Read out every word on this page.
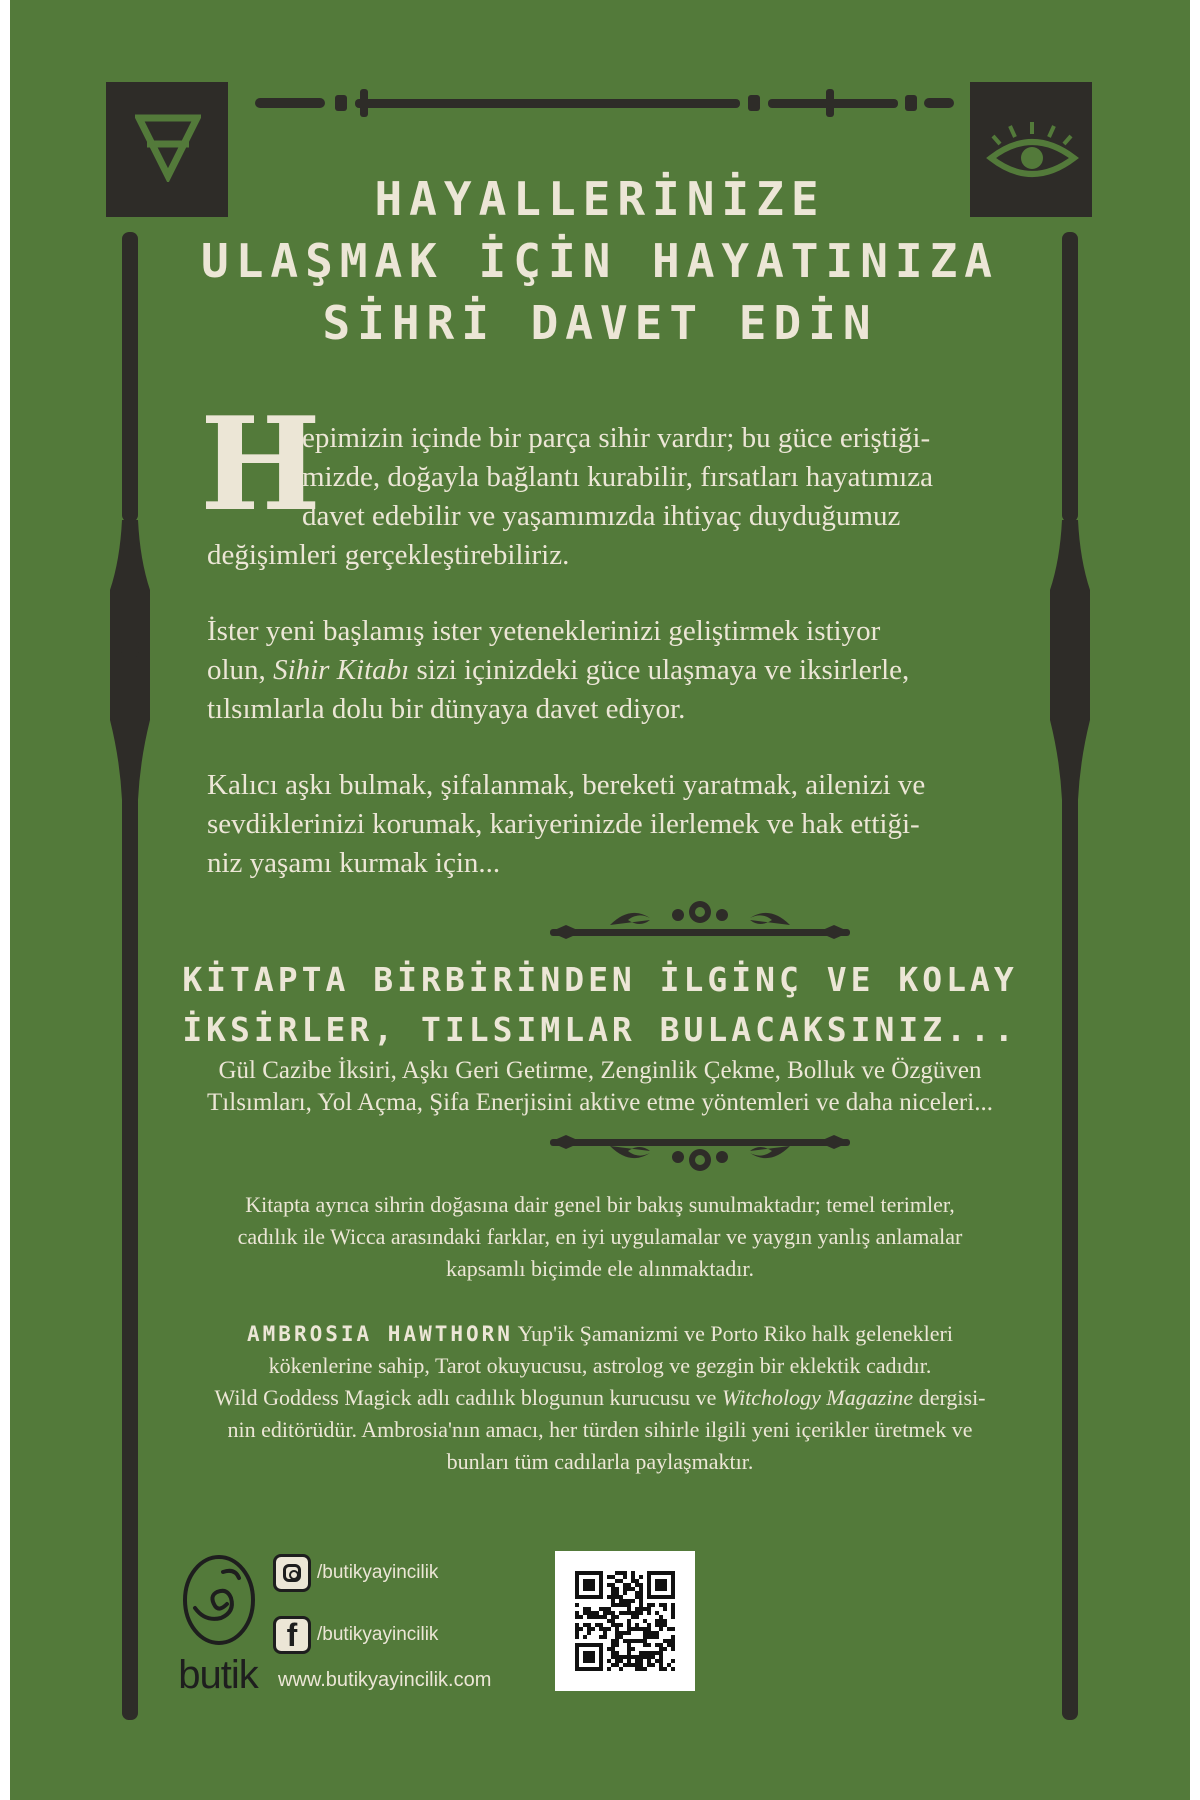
HAYALLERİNİZE
ULAŞMAK İÇİN HAYATINIZA
SİHRİ DAVET EDİN
H
epimizin içinde bir parça sihir vardır; bu güce eriştiği-
mizde, doğayla bağlantı kurabilir, fırsatları hayatımıza
davet edebilir ve yaşamımızda ihtiyaç duyduğumuz
değişimleri gerçekleştirebiliriz.
İster yeni başlamış ister yeteneklerinizi geliştirmek istiyor
olun, Sihir Kitabı sizi içinizdeki güce ulaşmaya ve iksirlerle,
tılsımlarla dolu bir dünyaya davet ediyor.
Kalıcı aşkı bulmak, şifalanmak, bereketi yaratmak, ailenizi ve
sevdiklerinizi korumak, kariyerinizde ilerlemek ve hak ettiği-
niz yaşamı kurmak için...
KİTAPTA BİRBİRİNDEN İLGİNÇ VE KOLAY
İKSİRLER, TILSIMLAR BULACAKSINIZ...
Gül Cazibe İksiri, Aşkı Geri Getirme, Zenginlik Çekme, Bolluk ve Özgüven
Tılsımları, Yol Açma, Şifa Enerjisini aktive etme yöntemleri ve daha niceleri...
Kitapta ayrıca sihrin doğasına dair genel bir bakış sunulmaktadır; temel terimler,
cadılık ile Wicca arasındaki farklar, en iyi uygulamalar ve yaygın yanlış anlamalar
kapsamlı biçimde ele alınmaktadır.
AMBROSIA HAWTHORN Yup'ik Şamanizmi ve Porto Riko halk gelenekleri
kökenlerine sahip, Tarot okuyucusu, astrolog ve gezgin bir eklektik cadıdır.
Wild Goddess Magick adlı cadılık blogunun kurucusu ve Witchology Magazine dergisi-
nin editörüdür. Ambrosia'nın amacı, her türden sihirle ilgili yeni içerikler üretmek ve
bunları tüm cadılarla paylaşmaktır.
butik
/butikyayincilik
f	/butikyayincilik
www.butikyayincilik.com
